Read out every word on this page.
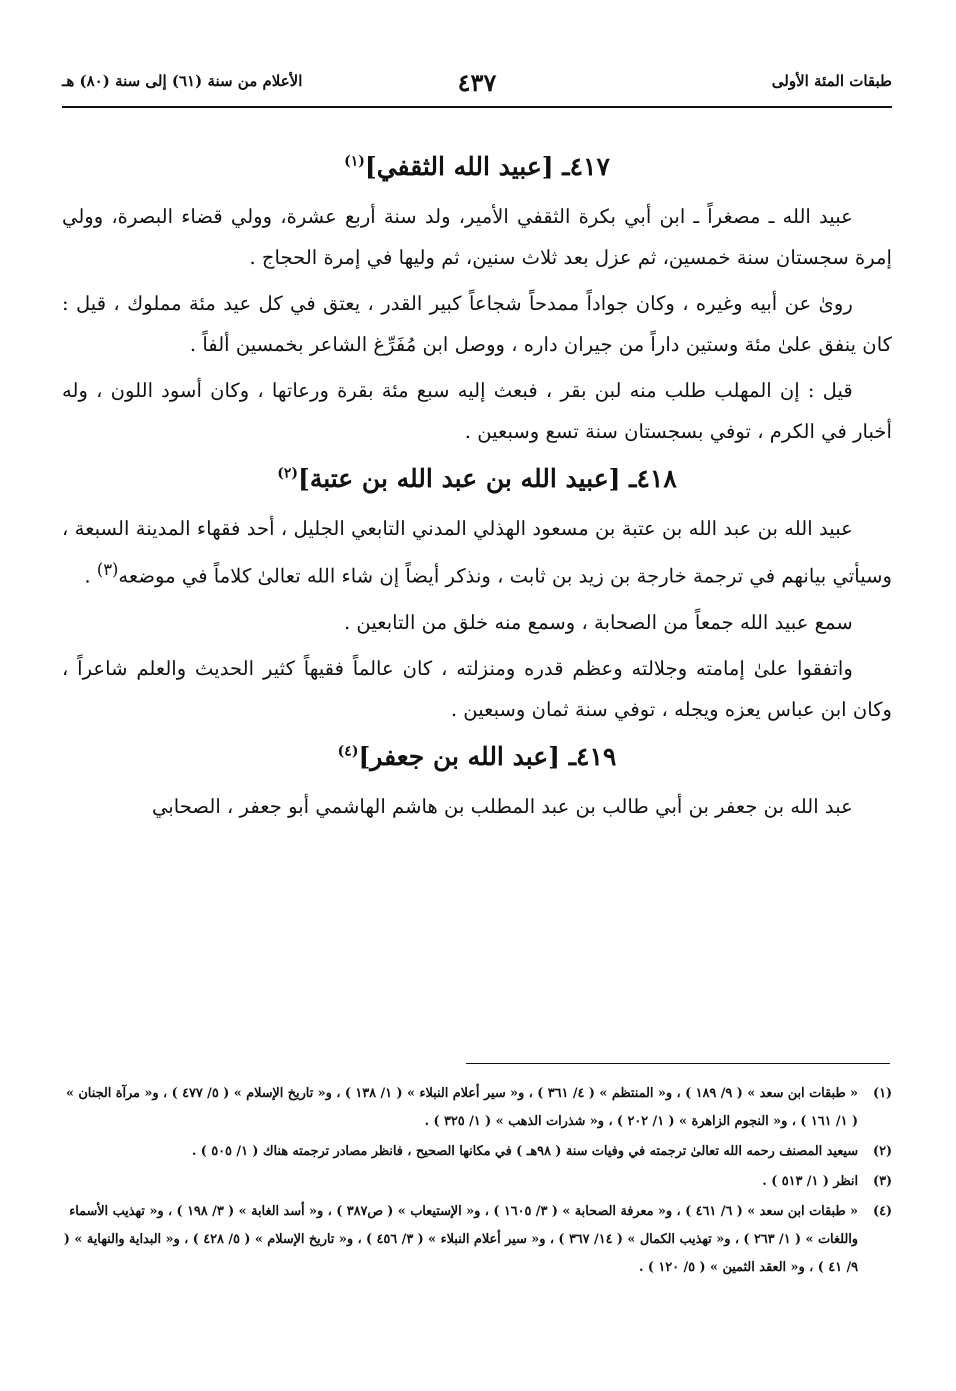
طبقات المئة الأولى
٤٣٧
الأعلام من سنة (٦١) إلى سنة (٨٠) هـ
٤١٧ـ [عبيد الله الثقفي]$^{(١)}$

عبيد الله ـ مصغراً ـ ابن أبي بكرة الثقفي الأمير، ولد سنة أربع عشرة، وولي قضاء البصرة، وولي إمرة سجستان سنة خمسين، ثم عزل بعد ثلاث سنين، ثم وليها في إمرة الحجاج .

روىٰ عن أبيه وغيره ، وكان جواداً ممدحاً شجاعاً كبير القدر ، يعتق في كل عيد مئة مملوك ، قيل : كان ينفق علىٰ مئة وستين داراً من جيران داره ، ووصل ابن مُفَرِّغ الشاعر بخمسين ألفاً .

قيل : إن المهلب طلب منه لبن بقر ، فبعث إليه سبع مئة بقرة ورعاتها ، وكان أسود اللون ، وله أخبار في الكرم ، توفي بسجستان سنة تسع وسبعين .

٤١٨ـ [عبيد الله بن عبد الله بن عتبة]$^{(٢)}$

عبيد الله بن عبد الله بن عتبة بن مسعود الهذلي المدني التابعي الجليل ، أحد فقهاء المدينة السبعة ، وسيأتي بيانهم في ترجمة خارجة بن زيد بن ثابت ، ونذكر أيضاً إن شاء الله تعالىٰ كلاماً في موضعه$^{(٣)}$ .

سمع عبيد الله جمعاً من الصحابة ، وسمع منه خلق من التابعين .

واتفقوا علىٰ إمامته وجلالته وعظم قدره ومنزلته ، كان عالماً فقيهاً كثير الحديث والعلم شاعراً ، وكان ابن عباس يعزه ويجله ، توفي سنة ثمان وسبعين .

٤١٩ـ [عبد الله بن جعفر]$^{(٤)}$

عبد الله بن جعفر بن أبي طالب بن عبد المطلب بن هاشم الهاشمي أبو جعفر ، الصحابي

(١)
« طبقات ابن سعد » ( ٩/ ١٨٩ ) ، و« المنتظم » ( ٤/ ٣٦١ ) ، و« سير أعلام النبلاء » ( ١/ ١٣٨ ) ، و« تاريخ الإسلام » ( ٥/ ٤٧٧ ) ، و« مرآة الجنان » ( ١/ ١٦١ ) ، و« النجوم الزاهرة » ( ١/ ٢٠٢ ) ، و« شذرات الذهب » ( ١/ ٣٢٥ ) .
(٢)
سيعيد المصنف رحمه الله تعالىٰ ترجمته في وفيات سنة ( ٩٨هـ ) في مكانها الصحيح ، فانظر مصادر ترجمته هناك ( ١/ ٥٠٥ ) .
(٣)
انظر ( ١/ ٥١٣ ) .
(٤)
« طبقات ابن سعد » ( ٦/ ٤٦١ ) ، و« معرفة الصحابة » ( ٣/ ١٦٠٥ ) ، و« الإستيعاب » ( ص٣٨٧ ) ، و« أسد الغابة » ( ٣/ ١٩٨ ) ، و« تهذيب الأسماء واللغات » ( ١/ ٢٦٣ ) ، و« تهذيب الكمال » ( ١٤/ ٣٦٧ ) ، و« سير أعلام النبلاء » ( ٣/ ٤٥٦ ) ، و« تاريخ الإسلام » ( ٥/ ٤٢٨ ) ، و« البداية والنهاية » ( ٩/ ٤١ ) ، و« العقد الثمين » ( ٥/ ١٢٠ ) .
